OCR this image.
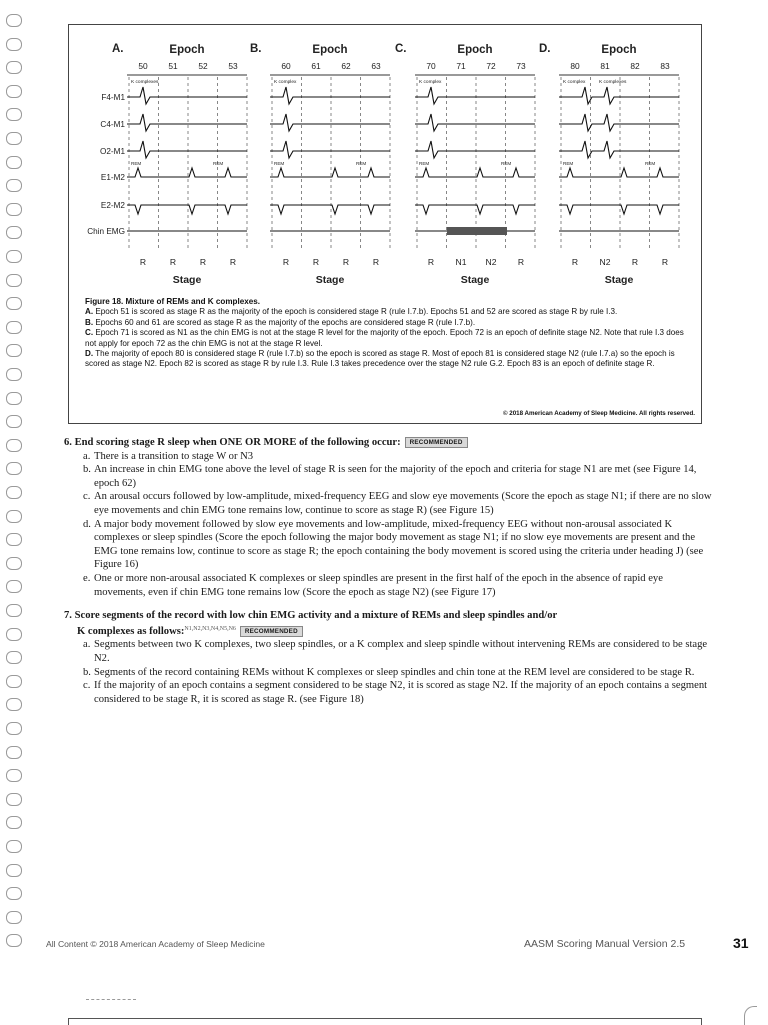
F4-M1
C4-M1
O2-M1
E1-M2
E2-M2
Chin EMG
A.	Epoch
50 51 52 53
K complexes
REM	REM
R	R	R	R
Stage
B.	Epoch
60 61 62 63
K complex
REM	REM
R	R	R	R
Stage
C.	Epoch
70 71 72 73
K complex
REM	REM
R N1 N2 R
Stage
D.	Epoch
80 81 82 83
K complex	K complexes
REM	REM
R N2 R	R
Stage
Figure 18. Mixture of REMs and K complexes.
A. Epoch 51 is scored as stage R as the majority of the epoch is considered stage R (rule I.7.b). Epochs 51 and 52 are scored as stage R by rule I.3.
B. Epochs 60 and 61 are scored as stage R as the majority of the epochs are considered stage R (rule I.7.b).
C. Epoch 71 is scored as N1 as the chin EMG is not at the stage R level for the majority of the epoch. Epoch 72 is an epoch of definite stage N2. Note that rule I.3 does not apply for epoch 72 as the chin EMG is not at the stage R level.
D. The majority of epoch 80 is considered stage R (rule I.7.b) so the epoch is scored as stage R. Most of epoch 81 is considered stage N2 (rule I.7.a) so the epoch is scored as stage N2. Epoch 82 is scored as stage R by rule I.3. Rule I.3 takes precedence over the stage N2 rule G.2. Epoch 83 is an epoch of definite stage R.
© 2018 American Academy of Sleep Medicine. All rights reserved.

6. End scoring stage R sleep when ONE OR MORE of the following occur: RECOMMENDED

a. There is a transition to stage W or N3
b. An increase in chin EMG tone above the level of stage R is seen for the majority of the epoch and criteria for stage N1 are met (see Figure 14, epoch 62)
c. An arousal occurs followed by low-amplitude, mixed-frequency EEG and slow eye movements (Score the epoch as stage N1; if there are no slow eye movements and chin EMG tone remains low, continue to score as stage R) (see Figure 15)
d. A major body movement followed by slow eye movements and low-amplitude, mixed-frequency EEG without non-arousal associated K complexes or sleep spindles (Score the epoch following the major body movement as stage N1; if no slow eye movements are present and the EMG tone remains low, continue to score as stage R; the epoch containing the body movement is scored using the criteria under heading J) (see Figure 16)
e. One or more non-arousal associated K complexes or sleep spindles are present in the first half of the epoch in the absence of rapid eye movements, even if chin EMG tone remains low (Score the epoch as stage N2) (see Figure 17)

7. Score segments of the record with low chin EMG activity and a mixture of REMs and sleep spindles and/or

K complexes as follows:$^{N1,N2,N3,N4,N5,N6}$ RECOMMENDED

a. Segments between two K complexes, two sleep spindles, or a K complex and sleep spindle without intervening REMs are considered to be stage N2.
b. Segments of the record containing REMs without K complexes or sleep spindles and chin tone at the REM level are considered to be stage R.
c. If the majority of an epoch contains a segment considered to be stage N2, it is scored as stage N2. If the majority of an epoch contains a segment considered to be stage R, it is scored as stage R. (see Figure 18)
All Content © 2018 American Academy of Sleep Medicine	AASM Scoring Manual Version 2.5	31
